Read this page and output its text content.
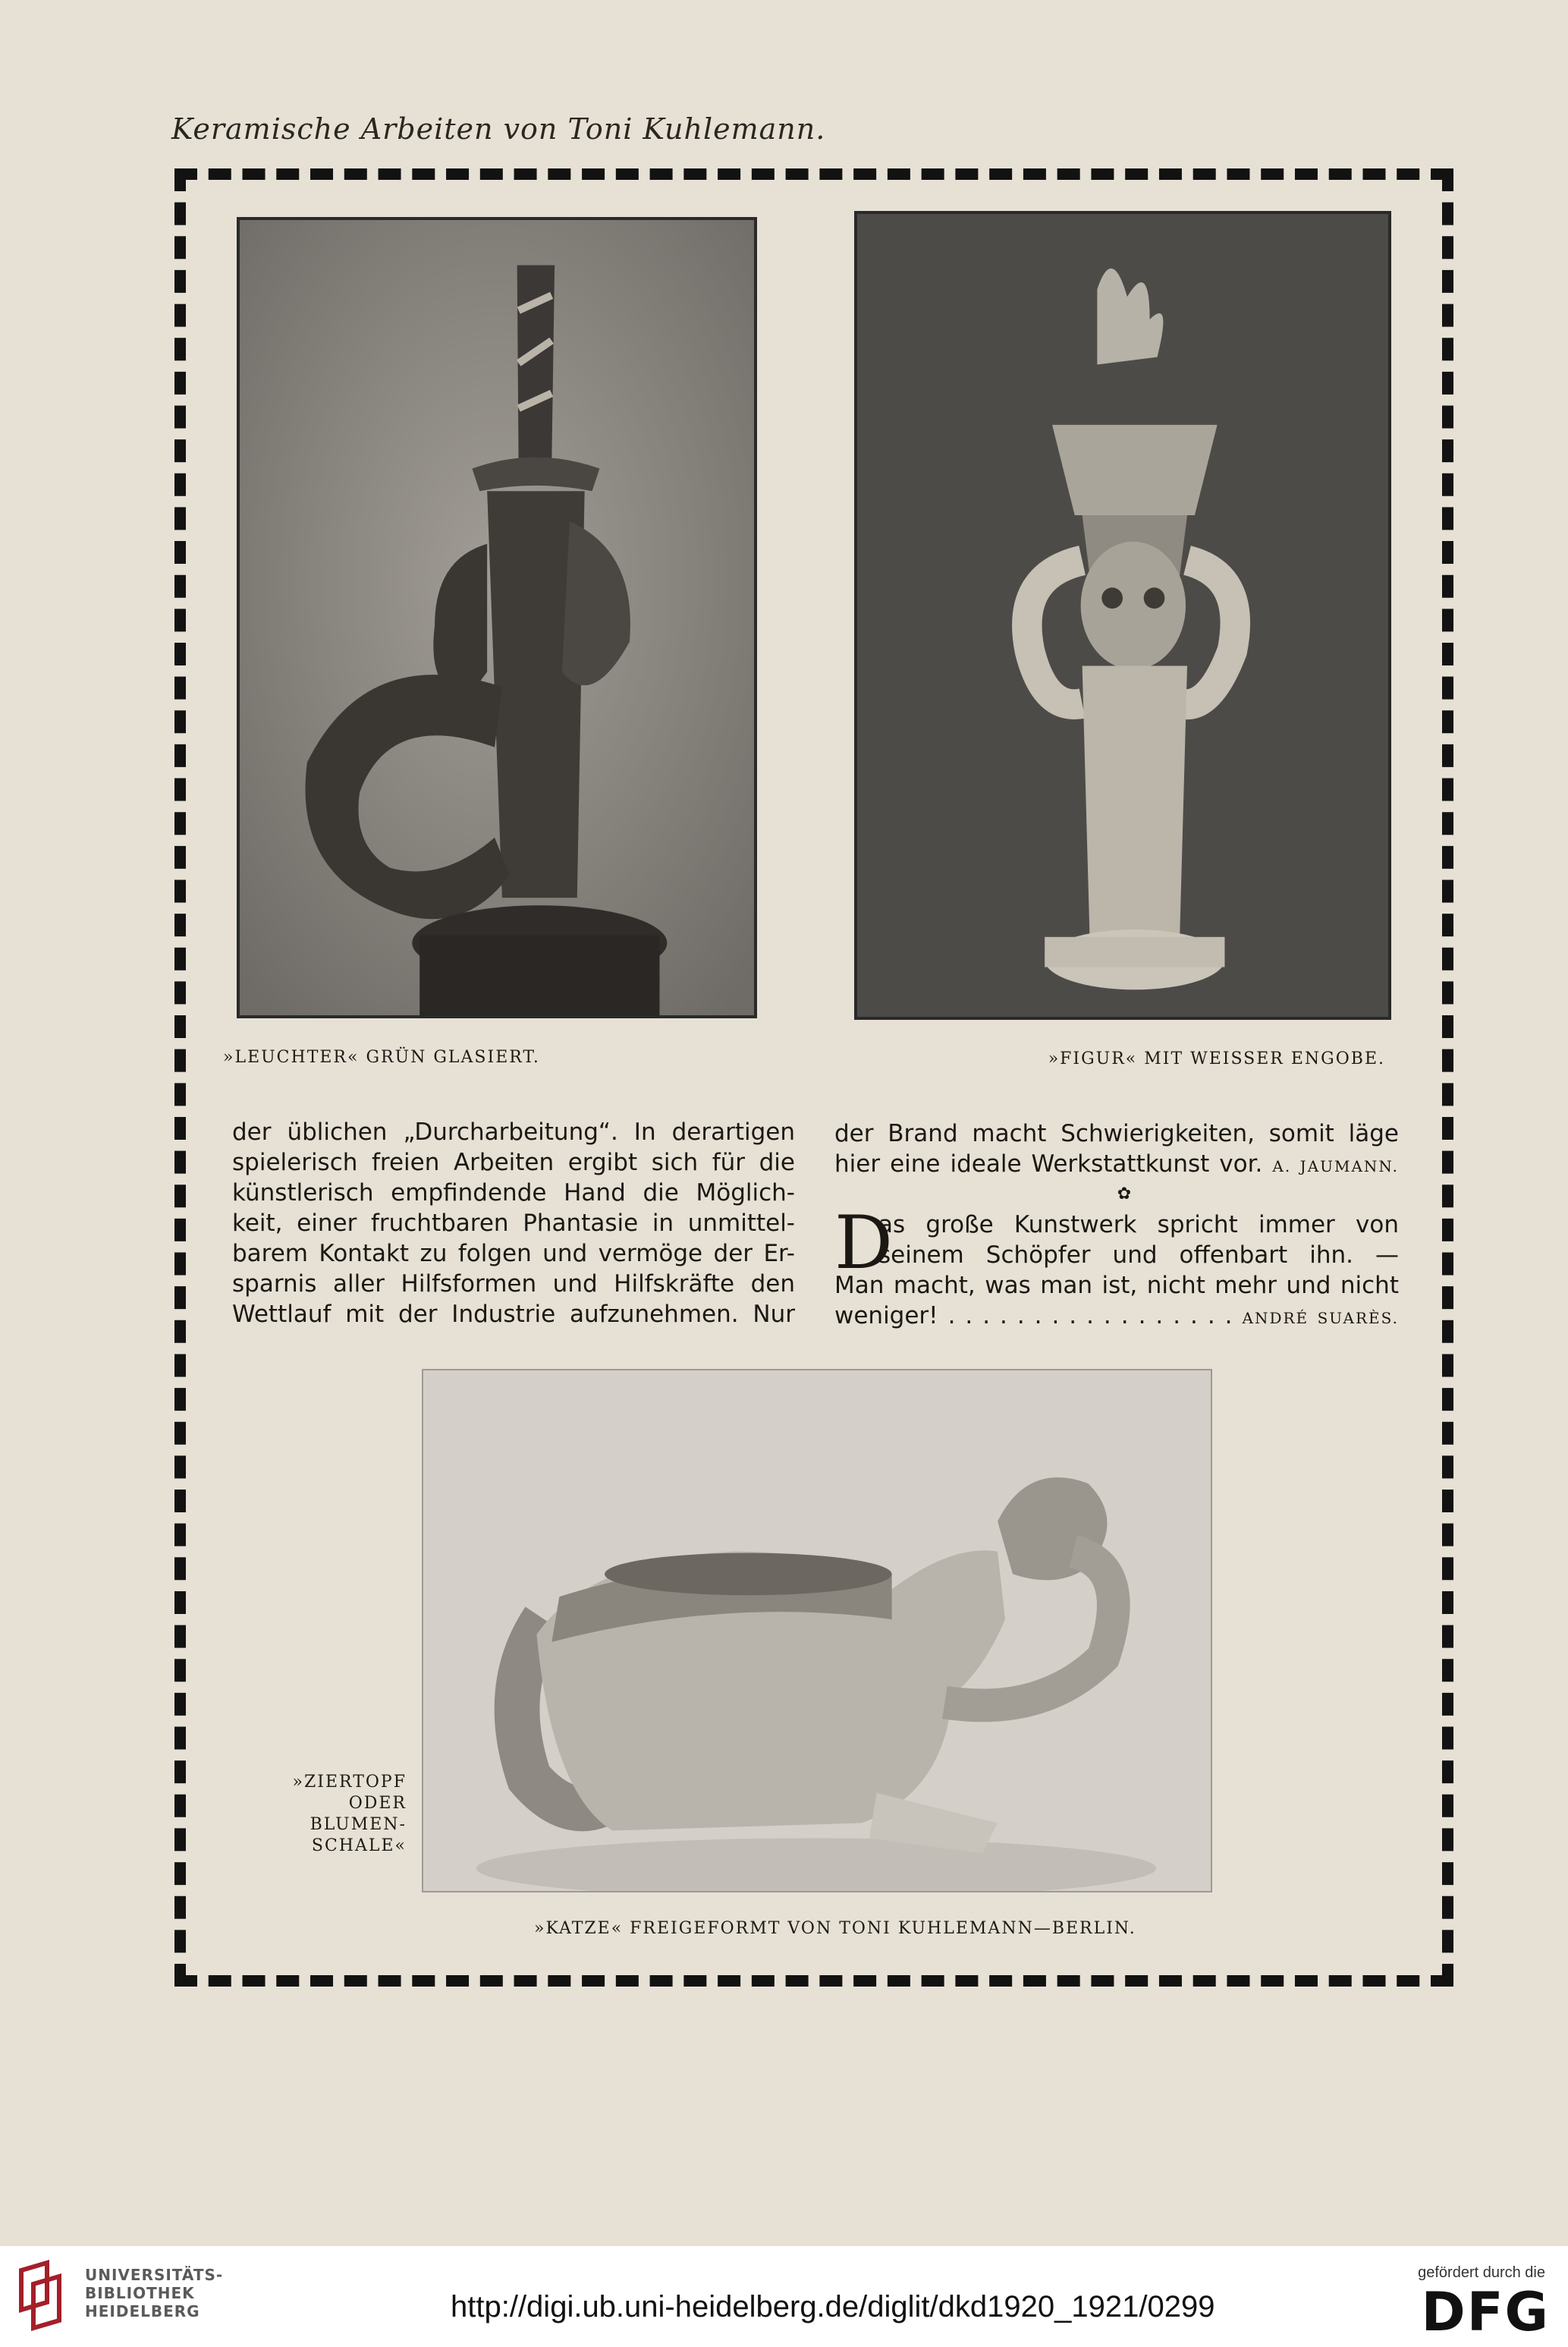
Keramische Arbeiten von Toni Kuhlemann.
»LEUCHTER« GRÜN GLASIERT.	»FIGUR« MIT WEISSER ENGOBE.
der üblichen „Durcharbeitung“. In derartigen
spielerisch freien Arbeiten ergibt sich für die
künstlerisch empfindende Hand die Möglich-
keit, einer fruchtbaren Phantasie in unmittel-
barem Kontakt zu folgen und vermöge der Er-
sparnis aller Hilfsformen und Hilfskräfte den
Wettlauf mit der Industrie aufzunehmen. Nur
der Brand macht Schwierigkeiten, somit läge
hier eine ideale Werkstattkunst vor. A. JAUMANN.
✿
D
as große Kunstwerk spricht immer von
seinem Schöpfer und offenbart ihn. —
Man macht, was man ist, nicht mehr und nicht
weniger! . . . . . . . . . . . . . . . . . ANDRÉ SUARÈS.
»ZIERTOPF
ODER
BLUMEN-
SCHALE«
»KATZE« FREIGEFORMT VON TONI KUHLEMANN—BERLIN.
UNIVERSITÄTS-
BIBLIOTHEK
HEIDELBERG	http://digi.ub.uni-heidelberg.de/diglit/dkd1920_1921/0299
gefördert durch die
DFG
